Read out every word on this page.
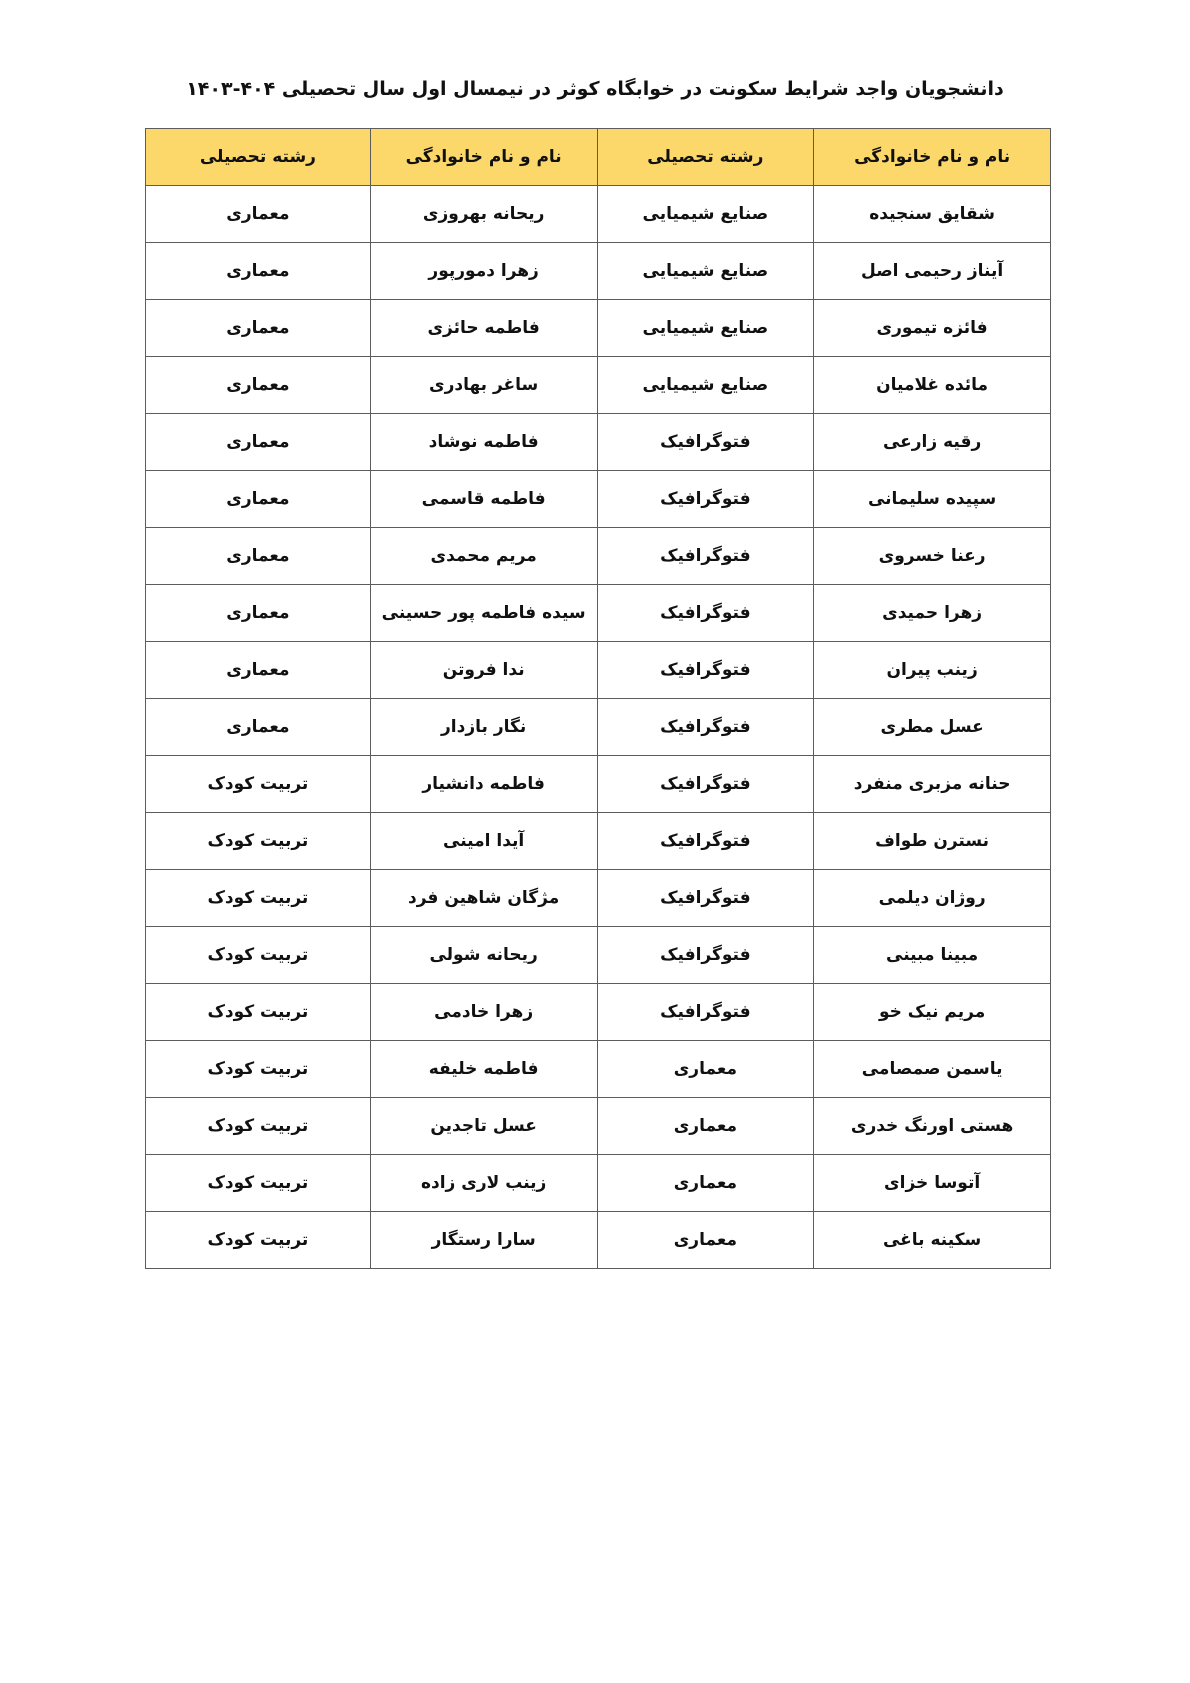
دانشجویان واجد شرایط سکونت در خوابگاه کوثر در نیمسال اول سال تحصیلی ۴۰۴-۱۴۰۳
نام و نام خانوادگی	رشته تحصیلی	نام و نام خانوادگی	رشته تحصیلی
شقایق سنجیده	صنایع شیمیایی	ریحانه بهروزی	معماری
آیناز رحیمی اصل	صنایع شیمیایی	زهرا دمورپور	معماری
فائزه تیموری	صنایع شیمیایی	فاطمه حائزی	معماری
مائده غلامیان	صنایع شیمیایی	ساغر بهادری	معماری
رقیه زارعی	فتوگرافیک	فاطمه نوشاد	معماری
سپیده سلیمانی	فتوگرافیک	فاطمه قاسمی	معماری
رعنا خسروی	فتوگرافیک	مریم محمدی	معماری
زهرا حمیدی	فتوگرافیک	سیده فاطمه پور حسینی	معماری
زینب پیران	فتوگرافیک	ندا فروتن	معماری
عسل مطری	فتوگرافیک	نگار بازدار	معماری
حنانه مزبری منفرد	فتوگرافیک	فاطمه دانشیار	تربیت کودک
نسترن طواف	فتوگرافیک	آیدا امینی	تربیت کودک
روژان دیلمی	فتوگرافیک	مژگان شاهین فرد	تربیت کودک
مبینا مبینی	فتوگرافیک	ریحانه شولی	تربیت کودک
مریم نیک خو	فتوگرافیک	زهرا خادمی	تربیت کودک
یاسمن صمصامی	معماری	فاطمه خلیفه	تربیت کودک
هستی اورنگ خدری	معماری	عسل تاجدین	تربیت کودک
آتوسا خزای	معماری	زینب لاری زاده	تربیت کودک
سکینه باغی	معماری	سارا رستگار	تربیت کودک
